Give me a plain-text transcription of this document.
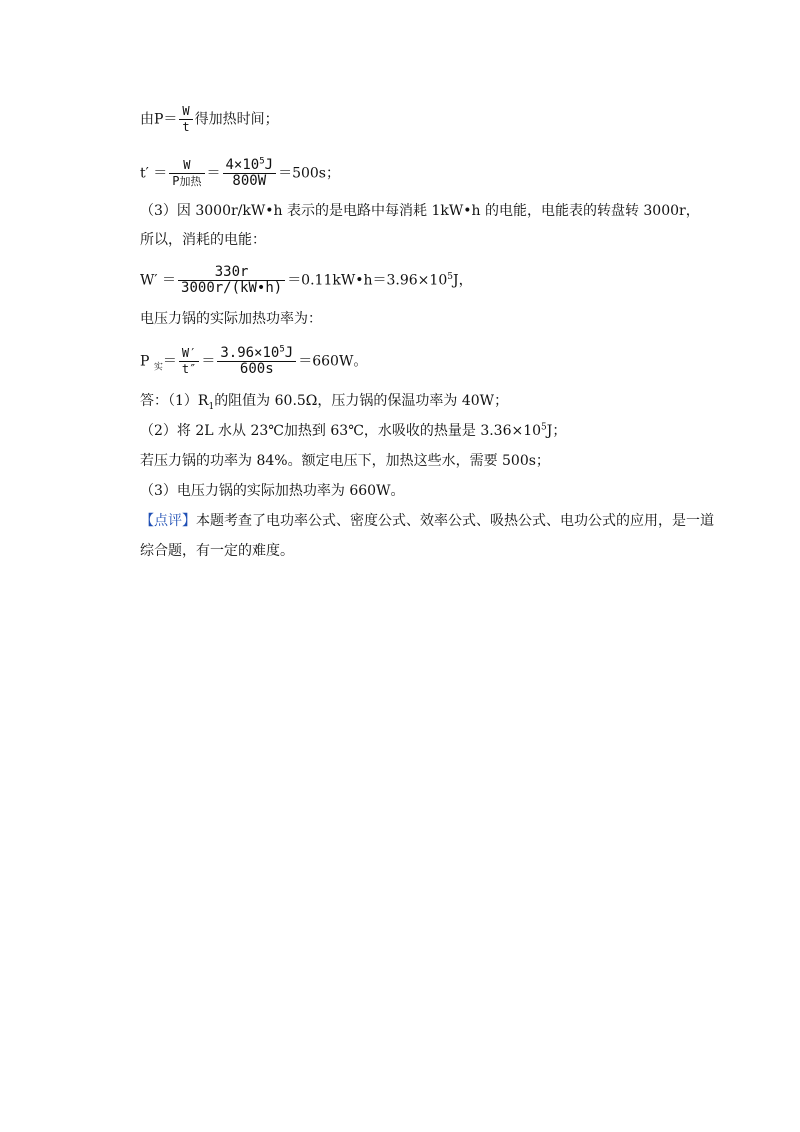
由$P= \frac{W}{t}$ 得加热时间；
$t' = \frac{W}{\text{P加热}} = \frac{4\times 10^5J}{800W} =500s$；
（3）因 3000r/kW•h 表示的是电路中每消耗 1kW•h 的电能，电能表的转盘转 3000r，
所以，消耗的电能：
$W' = \frac{330r}{3000r/(kW•h)}$ $=0.11kW•h=3.96\times 10^5J$，
电压力锅的实际加热功率为：
P $_实= \frac{W'}{t''} = \frac{3.96\times 10^5J}{600s} =660W$。
答：$(1)R_1$的阻值为 60.5Ω，压力锅的保温功率为 40W；
（2）将 2L 水从 23℃加热到 63℃，水吸收的热量是 $3.36\times 10^5J$；
若压力锅的功率为 84%。额定电压下，加热这些水，需要 500s；
（3）电压力锅的实际加热功率为 660W。
【点评】本题考查了电功率公式、密度公式、效率公式、吸热公式、电功公式的应用，是一道
综合题，有一定的难度。
